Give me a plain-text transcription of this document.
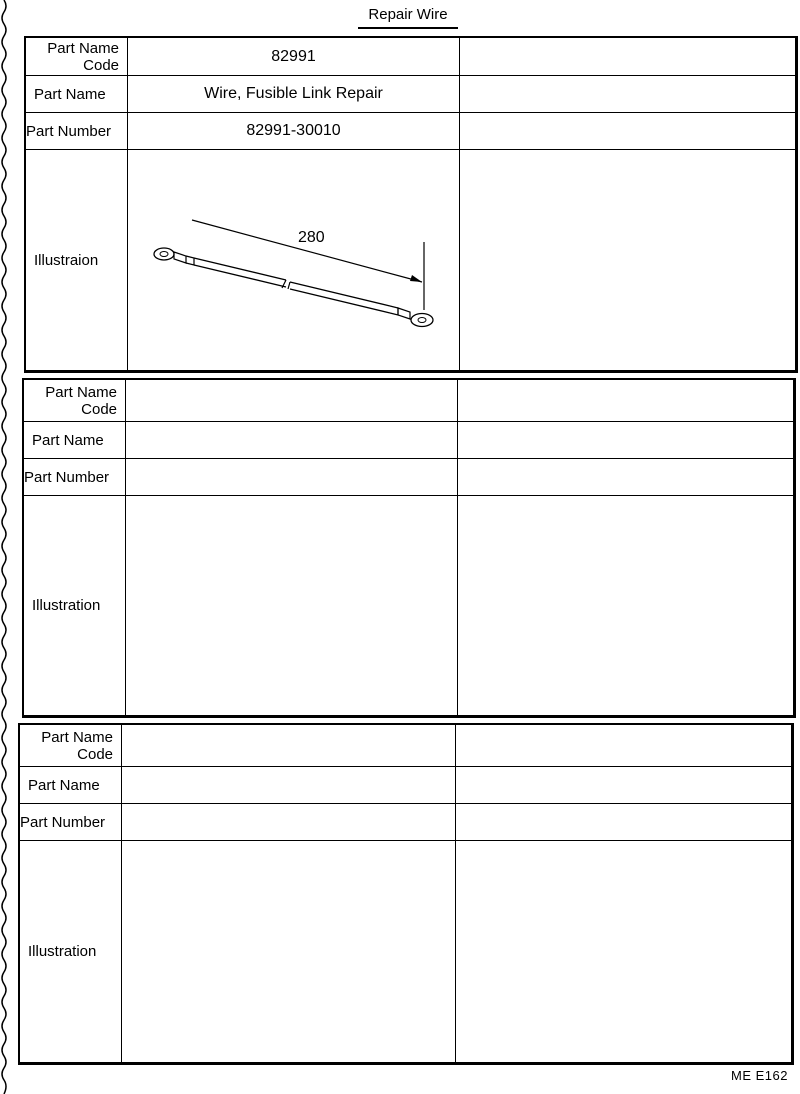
Repair Wire
Part Name
Code
82991
Part Name	Wire, Fusible Link Repair
Part Number	82991-30010
Illustraion
280
Part Name
Code
Part Name
Part Number
Illustration
Part Name
Code
Part Name
Part Number
Illustration
ME E162
